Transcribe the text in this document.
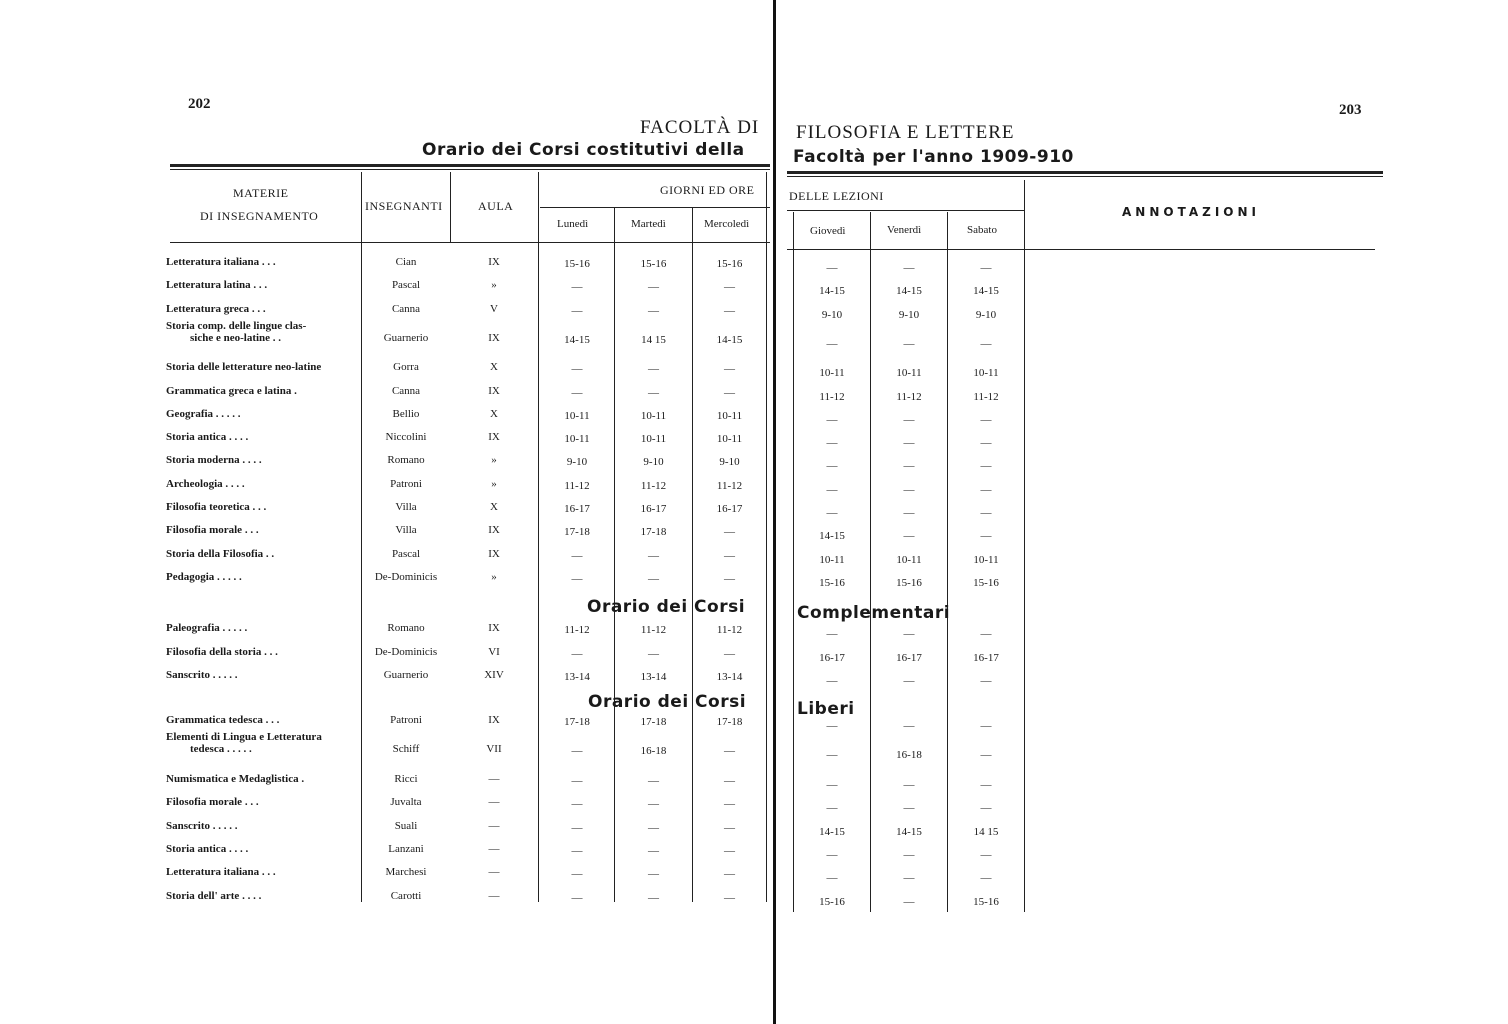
202
FACOLTÀ DI
Orario dei Corsi costitutivi della
MATERIE
DI INSEGNAMENTO
INSEGNANTI	AULA
GIORNI ED ORE
Lunedì	Martedì	Mercoledì
203
FILOSOFIA E LETTERE
Facoltà per l'anno 1909-910
DELLE LEZIONI
Giovedì	Venerdì	Sabato
ANNOTAZIONI
Orario dei Corsi	Complementari
Orario dei Corsi	Liberi
Letteratura italiana . . .	Cian	IX	15-16	15-16	15-16	—	—	—
Letteratura latina . . .	Pascal	»	—	—	—	14-15	14-15	14-15
Letteratura greca . . .	Canna	V	—	—	—	9-10	9-10	9-10
Storia comp. delle lingue clas-
siche e neo-latine . .	Guarnerio	IX	14-15	14 15	14-15	—	—	—
Storia delle letterature neo-latine	Gorra	X	—	—	—	10-11	10-11	10-11
Grammatica greca e latina .	Canna	IX	—	—	—	11-12	11-12	11-12
Geografia . . . . .	Bellio	X	10-11	10-11	10-11	—	—	—
Storia antica . . . .	Niccolini	IX	10-11	10-11	10-11	—	—	—
Storia moderna . . . .	Romano	»	9-10	9-10	9-10	—	—	—
Archeologia . . . .	Patroni	»	11-12	11-12	11-12	—	—	—
Filosofia teoretica . . .	Villa	X	16-17	16-17	16-17	—	—	—
Filosofia morale . . .	Villa	IX	17-18	17-18	—	14-15	—	—
Storia della Filosofia . .	Pascal	IX	—	—	—	10-11	10-11	10-11
Pedagogia . . . . .	De-Dominicis	»	—	—	—	15-16	15-16	15-16
Paleografia . . . . .	Romano	IX	11-12	11-12	11-12	—	—	—
Filosofia della storia . . .	De-Dominicis	VI	—	—	—	16-17	16-17	16-17
Sanscrito . . . . .	Guarnerio	XIV	13-14	13-14	13-14	—	—	—
Grammatica tedesca . . .	Patroni	IX	17-18	17-18	17-18	—	—	—
Elementi di Lingua e Letteratura
tedesca . . . . .	Schiff	VII	—	16-18	—	—	16-18	—
Numismatica e Medaglistica .	Ricci	—	—	—	—	—	—	—
Filosofia morale . . .	Juvalta	—	—	—	—	—	—	—
Sanscrito . . . . .	Suali	—	—	—	—	14-15	14-15	14 15
Storia antica . . . .	Lanzani	—	—	—	—	—	—	—
Letteratura italiana . . .	Marchesi	—	—	—	—	—	—	—
Storia dell' arte . . . .	Carotti	—	—	—	—	15-16	—	15-16
